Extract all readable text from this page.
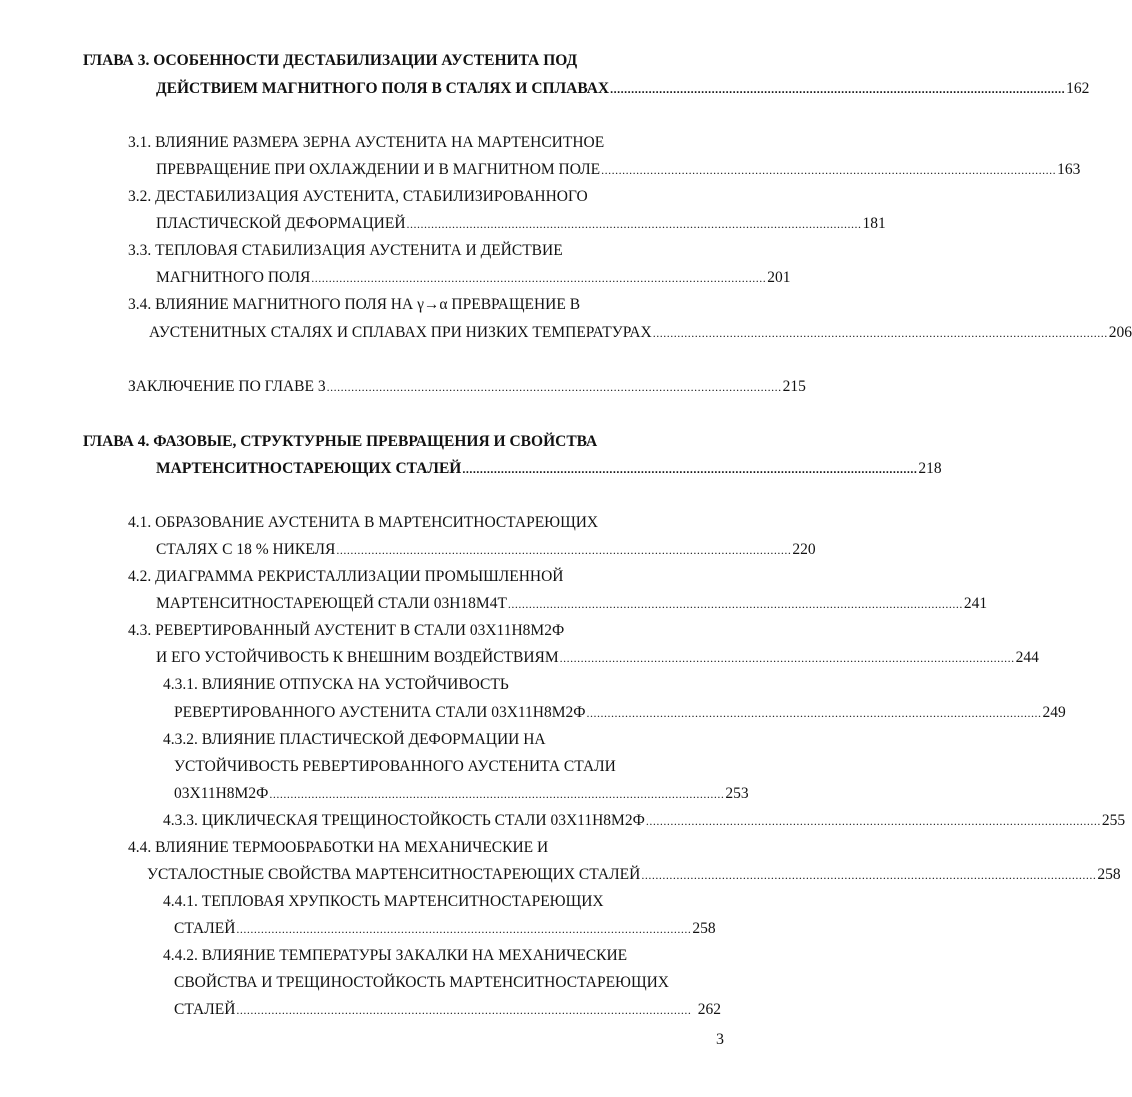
ГЛАВА 3. ОСОБЕННОСТИ ДЕСТАБИЛИЗАЦИИ АУСТЕНИТА ПОД
ДЕЙСТВИЕМ МАГНИТНОГО ПОЛЯ В СТАЛЯХ И СПЛАВАХ .................................................................................................................................. 162
3.1. ВЛИЯНИЕ РАЗМЕРА ЗЕРНА АУСТЕНИТА НА МАРТЕНСИТНОЕ
ПРЕВРАЩЕНИЕ ПРИ ОХЛАЖДЕНИИ И В МАГНИТНОМ ПОЛЕ .................................................................................................................................. 163
3.2. ДЕСТАБИЛИЗАЦИЯ АУСТЕНИТА, СТАБИЛИЗИРОВАННОГО
ПЛАСТИЧЕСКОЙ ДЕФОРМАЦИЕЙ .................................................................................................................................. 181
3.3. ТЕПЛОВАЯ СТАБИЛИЗАЦИЯ АУСТЕНИТА И ДЕЙСТВИЕ
МАГНИТНОГО ПОЛЯ .................................................................................................................................. 201
3.4. ВЛИЯНИЕ МАГНИТНОГО ПОЛЯ НА γ→α ПРЕВРАЩЕНИЕ В
АУСТЕНИТНЫХ СТАЛЯХ И СПЛАВАХ ПРИ НИЗКИХ ТЕМПЕРАТУРАХ .................................................................................................................................. 206
ЗАКЛЮЧЕНИЕ ПО ГЛАВЕ 3 .................................................................................................................................. 215
ГЛАВА 4. ФАЗОВЫЕ, СТРУКТУРНЫЕ ПРЕВРАЩЕНИЯ И СВОЙСТВА
МАРТЕНСИТНОСТАРЕЮЩИХ СТАЛЕЙ .................................................................................................................................. 218
4.1. ОБРАЗОВАНИЕ АУСТЕНИТА В МАРТЕНСИТНОСТАРЕЮЩИХ
СТАЛЯХ С 18 % НИКЕЛЯ .................................................................................................................................. 220
4.2. ДИАГРАММА РЕКРИСТАЛЛИЗАЦИИ ПРОМЫШЛЕННОЙ
МАРТЕНСИТНОСТАРЕЮЩЕЙ СТАЛИ 03Н18М4Т .................................................................................................................................. 241
4.3. РЕВЕРТИРОВАННЫЙ АУСТЕНИТ В СТАЛИ 03Х11Н8М2Ф
И ЕГО УСТОЙЧИВОСТЬ К ВНЕШНИМ ВОЗДЕЙСТВИЯМ .................................................................................................................................. 244
4.3.1. ВЛИЯНИЕ ОТПУСКА НА УСТОЙЧИВОСТЬ
РЕВЕРТИРОВАННОГО АУСТЕНИТА СТАЛИ 03Х11Н8М2Ф .................................................................................................................................. 249
4.3.2. ВЛИЯНИЕ ПЛАСТИЧЕСКОЙ ДЕФОРМАЦИИ НА
УСТОЙЧИВОСТЬ РЕВЕРТИРОВАННОГО АУСТЕНИТА СТАЛИ
03Х11Н8М2Ф .................................................................................................................................. 253
4.3.3. ЦИКЛИЧЕСКАЯ ТРЕЩИНОСТОЙКОСТЬ СТАЛИ 03Х11Н8М2Ф .................................................................................................................................. 255
4.4. ВЛИЯНИЕ ТЕРМООБРАБОТКИ НА МЕХАНИЧЕСКИЕ И
УСТАЛОСТНЫЕ СВОЙСТВА МАРТЕНСИТНОСТАРЕЮЩИХ СТАЛЕЙ .................................................................................................................................. 258
4.4.1. ТЕПЛОВАЯ ХРУПКОСТЬ МАРТЕНСИТНОСТАРЕЮЩИХ
СТАЛЕЙ .................................................................................................................................. 258
4.4.2. ВЛИЯНИЕ ТЕМПЕРАТУРЫ ЗАКАЛКИ НА МЕХАНИЧЕСКИЕ
СВОЙСТВА И ТРЕЩИНОСТОЙКОСТЬ МАРТЕНСИТНОСТАРЕЮЩИХ
СТАЛЕЙ .................................................................................................................................. 262
3
